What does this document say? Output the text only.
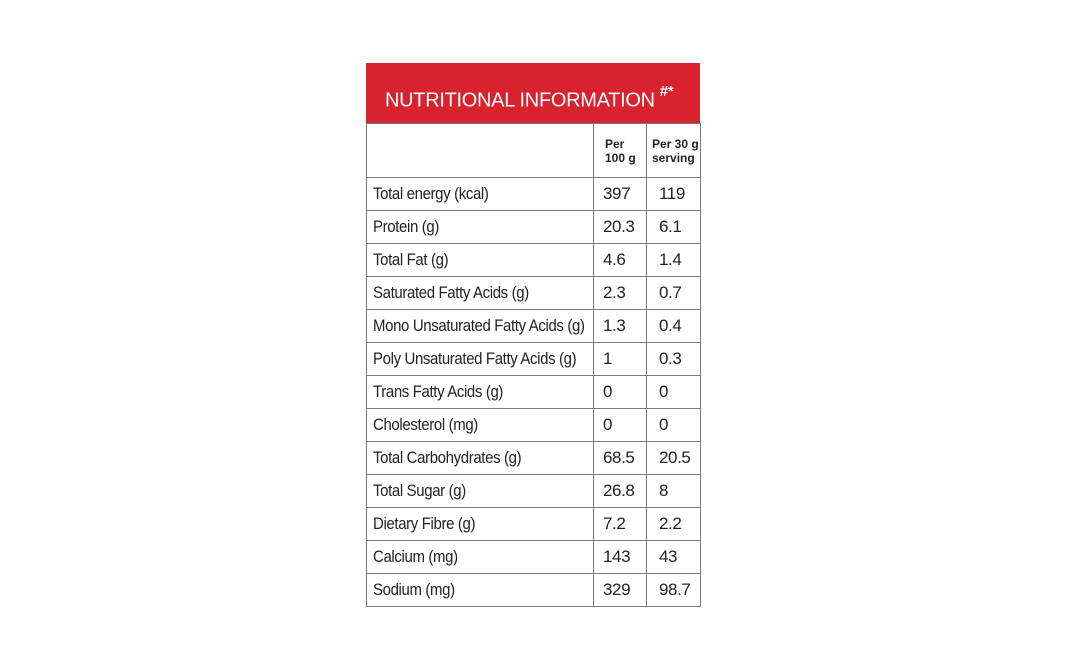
NUTRITIONAL INFORMATION #*
	Per 100 g	Per 30 g serving
Total energy (kcal)	397	119
Protein (g)	20.3	6.1
Total Fat (g)	4.6	1.4
Saturated Fatty Acids (g)	2.3	0.7
Mono Unsaturated Fatty Acids (g)	1.3	0.4
Poly Unsaturated Fatty Acids (g)	1	0.3
Trans Fatty Acids (g)	0	0
Cholesterol (mg)	0	0
Total Carbohydrates (g)	68.5	20.5
Total Sugar (g)	26.8	8
Dietary Fibre (g)	7.2	2.2
Calcium (mg)	143	43
Sodium (mg)	329	98.7
